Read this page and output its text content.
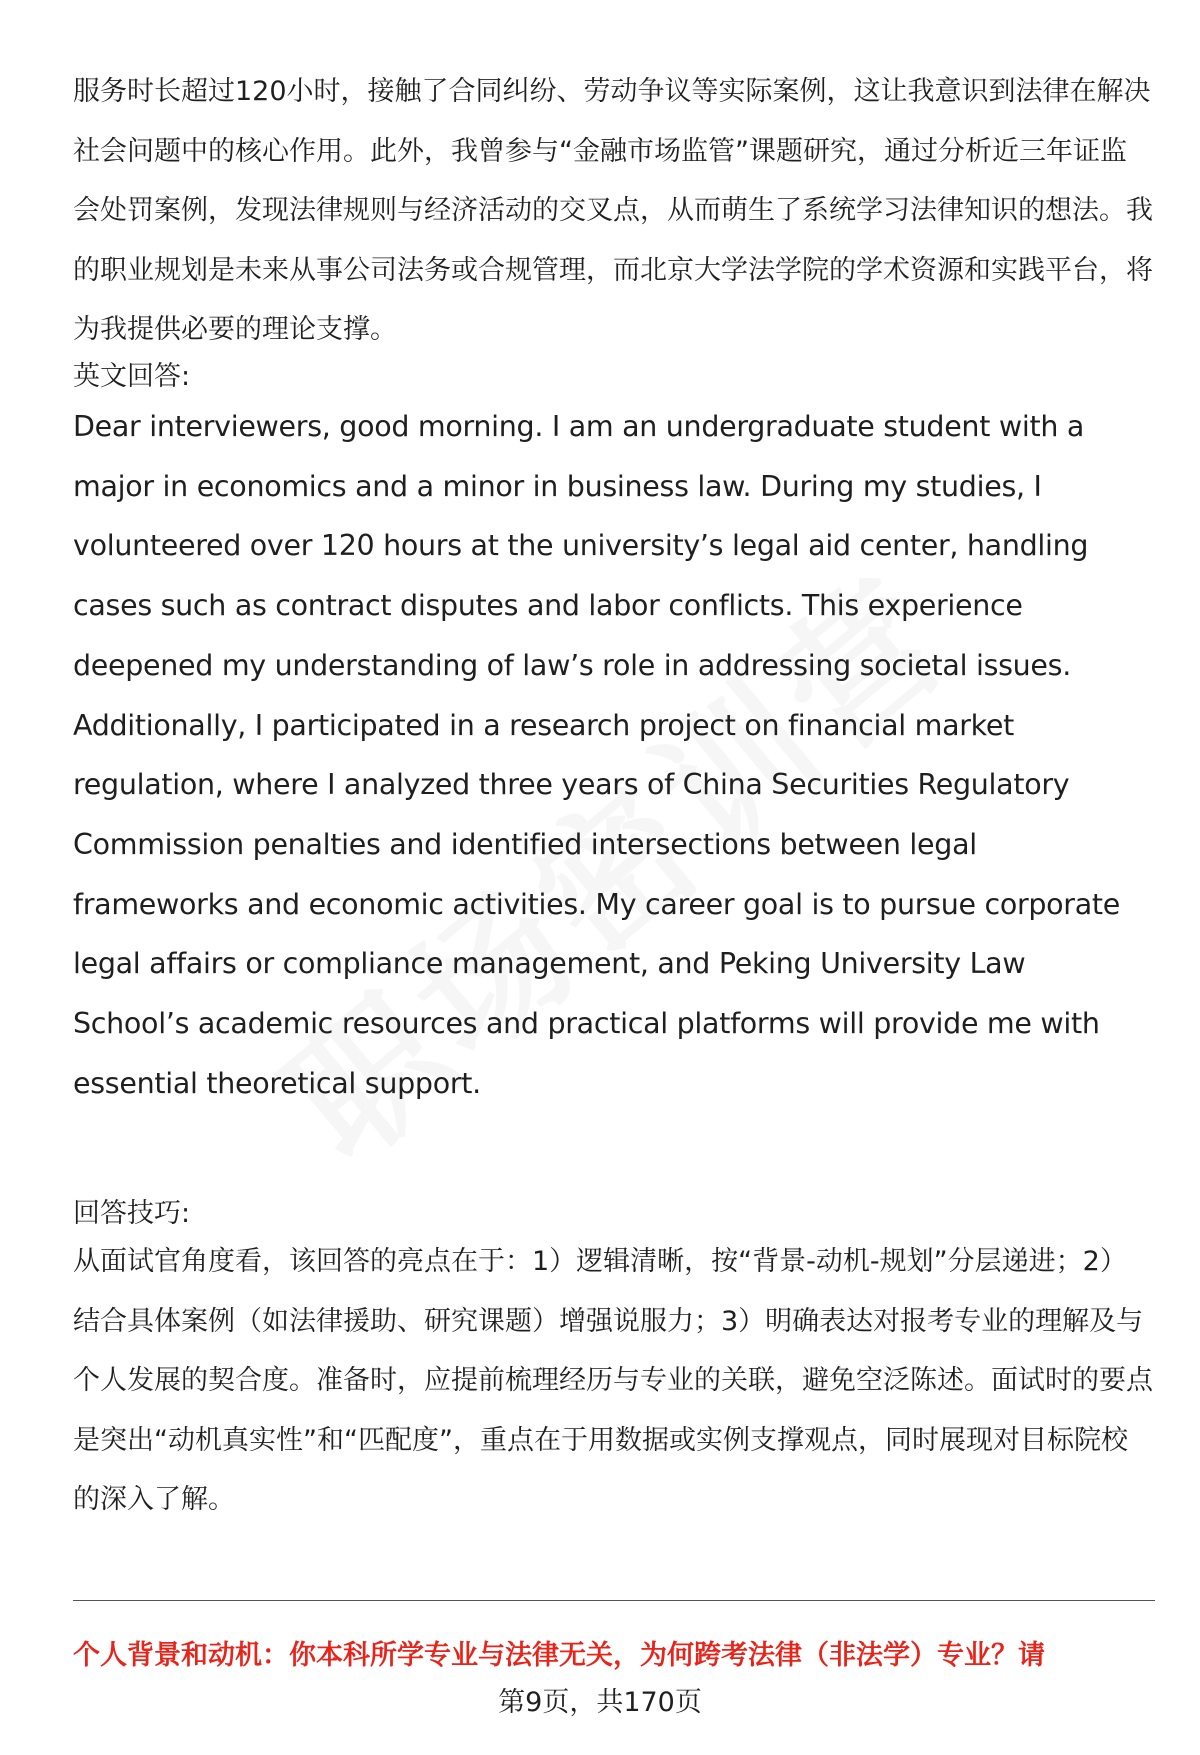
服务时长超过120小时，接触了合同纠纷、劳动争议等实际案例，这让我意识到法律在解决社会问题中的核心作用。此外，我曾参与“金融市场监管”课题研究，通过分析近三年证监会处罚案例，发现法律规则与经济活动的交叉点，从而萌生了系统学习法律知识的想法。我的职业规划是未来从事公司法务或合规管理，而北京大学法学院的学术资源和实践平台，将为我提供必要的理论支撑。

英文回答:
Dear interviewers, good morning. I am an undergraduate student with a
major in economics and a minor in business law. During my studies, I
volunteered over 120 hours at the university’s legal aid center, handling
cases such as contract disputes and labor conflicts. This experience
deepened my understanding of law’s role in addressing societal issues.
Additionally, I participated in a research project on financial market
regulation, where I analyzed three years of China Securities Regulatory
Commission penalties and identified intersections between legal
frameworks and economic activities. My career goal is to pursue corporate
legal affairs or compliance management, and Peking University Law
School’s academic resources and practical platforms will provide me with
essential theoretical support.
回答技巧:

从面试官角度看，该回答的亮点在于：1）逻辑清晰，按“背景-动机-规划”分层递进；2）结合具体案例（如法律援助、研究课题）增强说服力；3）明确表达对报考专业的理解及与个人发展的契合度。准备时，应提前梳理经历与专业的关联，避免空泛陈述。面试时的要点是突出“动机真实性”和“匹配度”，重点在于用数据或实例支撑观点，同时展现对目标院校的深入了解。

个人背景和动机：你本科所学专业与法律无关，为何跨考法律（非法学）专业？请
第9页，共170页
